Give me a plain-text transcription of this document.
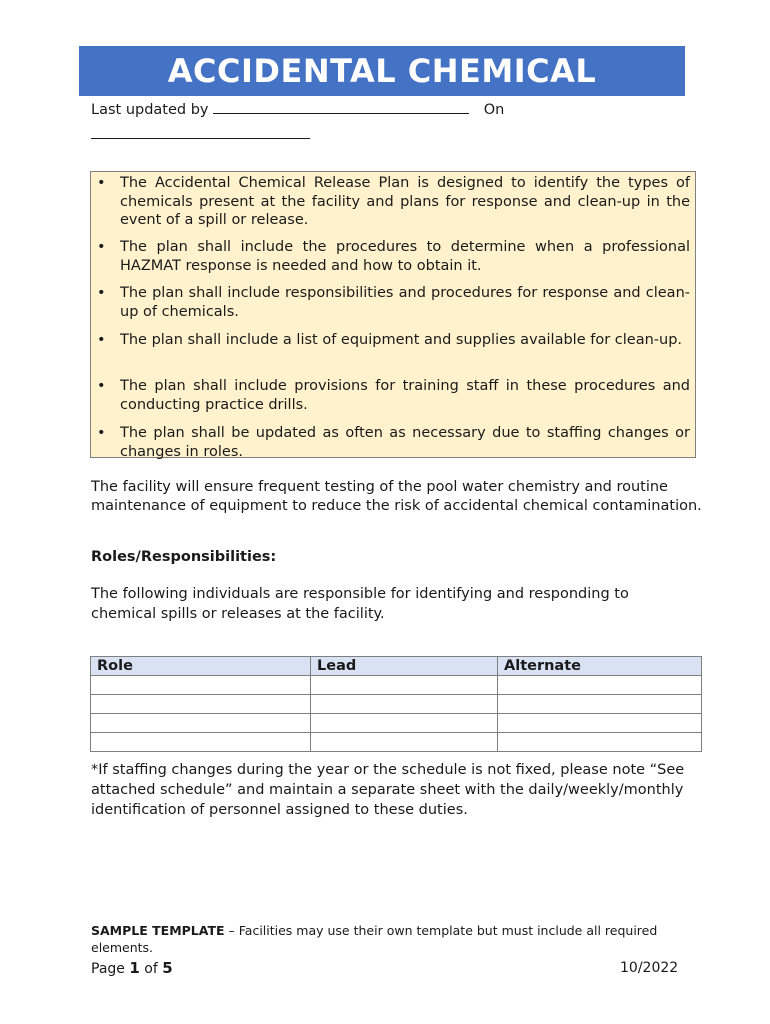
ACCIDENTAL CHEMICAL
Last updated by	On
• The Accidental Chemical Release Plan is designed to identify the types of chemicals present at the facility and plans for response and clean-up in the event of a spill or release.
• The plan shall include the procedures to determine when a professional HAZMAT response is needed and how to obtain it.
• The plan shall include responsibilities and procedures for response and clean-up of chemicals.
• The plan shall include a list of equipment and supplies available for clean-up.
• The plan shall include provisions for training staff in these procedures and conducting practice drills.
• The plan shall be updated as often as necessary due to staffing changes or changes in roles.
The facility will ensure frequent testing of the pool water chemistry and routine maintenance of equipment to reduce the risk of accidental chemical contamination.
Roles/Responsibilities:
The following individuals are responsible for identifying and responding to chemical spills or releases at the facility.
Role	Lead	Alternate

*If staffing changes during the year or the schedule is not fixed, please note “See attached schedule” and maintain a separate sheet with the daily/weekly/monthly identification of personnel assigned to these duties.
SAMPLE TEMPLATE – Facilities may use their own template but must include all required elements.
Page 1 of 5	10/2022
